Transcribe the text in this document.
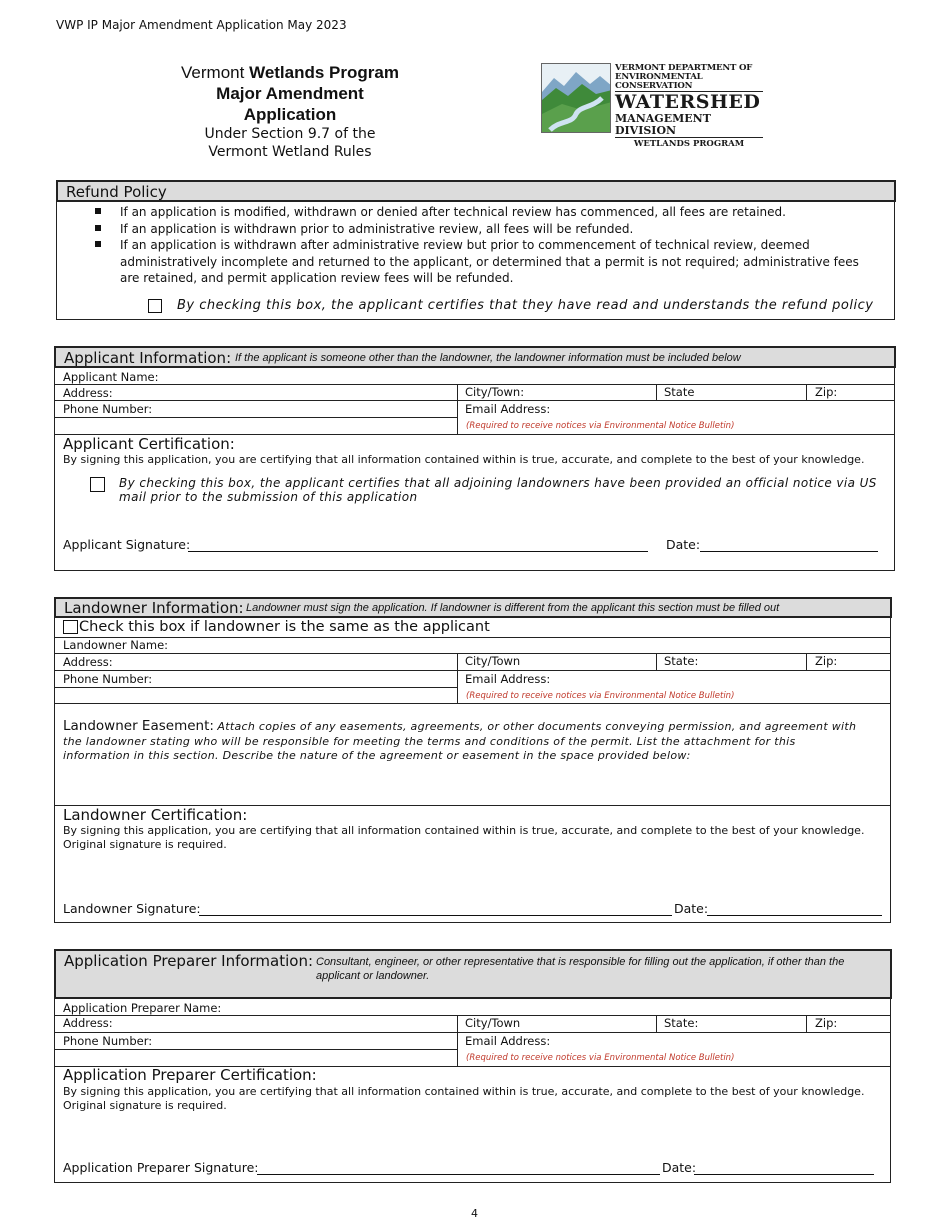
VWP IP Major Amendment Application May 2023
Vermont Wetlands Program
Major Amendment
Application
Under Section 9.7 of the
Vermont Wetland Rules
VERMONT DEPARTMENT OF
ENVIRONMENTAL CONSERVATION
WATERSHED
MANAGEMENT DIVISION
WETLANDS PROGRAM
Refund Policy
If an application is modified, withdrawn or denied after technical review has commenced, all fees are retained.
If an application is withdrawn prior to administrative review, all fees will be refunded.
If an application is withdrawn after administrative review but prior to commencement of technical review, deemed administratively incomplete and returned to the applicant, or determined that a permit is not required; administrative fees are retained, and permit application review fees will be refunded.
By checking this box, the applicant certifies that they have read and understands the refund policy
Applicant Information: If the applicant is someone other than the landowner, the landowner information must be included below
Applicant Name:
Address:	City/Town:	State	Zip:
Phone Number:	Email Address:
(Required to receive notices via Environmental Notice Bulletin)
Applicant Certification:
By signing this application, you are certifying that all information contained within is true, accurate, and complete to the best of your knowledge.
By checking this box, the applicant certifies that all adjoining landowners have been provided an official notice via US mail prior to the submission of this application
Applicant Signature:	Date:
Landowner Information: Landowner must sign the application. If landowner is different from the applicant this section must be filled out
Check this box if landowner is the same as the applicant
Landowner Name:
Address:	City/Town	State:	Zip:
Phone Number:	Email Address:
(Required to receive notices via Environmental Notice Bulletin)
Landowner Easement: Attach copies of any easements, agreements, or other documents conveying permission, and agreement with the landowner stating who will be responsible for meeting the terms and conditions of the permit. List the attachment for this information in this section. Describe the nature of the agreement or easement in the space provided below:
Landowner Certification:
By signing this application, you are certifying that all information contained within is true, accurate, and complete to the best of your knowledge.
Original signature is required.
Landowner Signature:	Date:
Application Preparer Information: Consultant, engineer, or other representative that is responsible for filling out the application, if other than the applicant or landowner.
Application Preparer Name:
Address:	City/Town	State:	Zip:
Phone Number:	Email Address:
(Required to receive notices via Environmental Notice Bulletin)
Application Preparer Certification:
By signing this application, you are certifying that all information contained within is true, accurate, and complete to the best of your knowledge.
Original signature is required.
Application Preparer Signature:	Date:
4
